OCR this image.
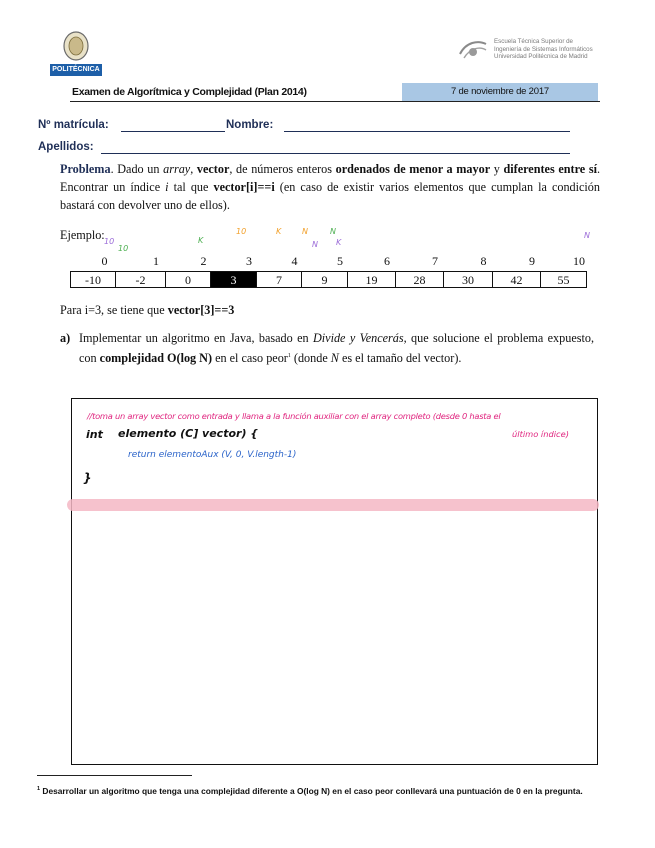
POLITÉCNICA
Escuela Técnica Superior de
Ingeniería de Sistemas Informáticos
Universidad Politécnica de Madrid
Examen de Algorítmica y Complejidad (Plan 2014)	7 de noviembre de 2017
Nº matrícula:	Nombre:
Apellidos:
Problema. Dado un array, vector, de números enteros ordenados de menor a mayor y diferentes entre sí. Encontrar un índice i tal que vector[i]==i (en caso de existir varios elementos que cumplan la condición bastará con devolver uno de ellos).
Ejemplo:
0	1	2	3	4	5	6	7	8	9	10
-10	-2	0	3	7	9	19	28	30	42	55
10
10
K
10	K	N	N
N K
N
Para i=3, se tiene que vector[3]==3
a) Implementar un algoritmo en Java, basado en Divide y Vencerás, que solucione el problema expuesto, con complejidad O(log N) en el caso peor$^1$ (donde N es el tamaño del vector).
//toma un array vector como entrada y llama a la función auxiliar con el array completo (desde 0 hasta el
último índice)
int elemento (C] vector) {
return elementoAux (V, 0, V.length-1)
}
$^1$ Desarrollar un algoritmo que tenga una complejidad diferente a O(log N) en el caso peor conllevará una puntuación de 0 en la pregunta.
